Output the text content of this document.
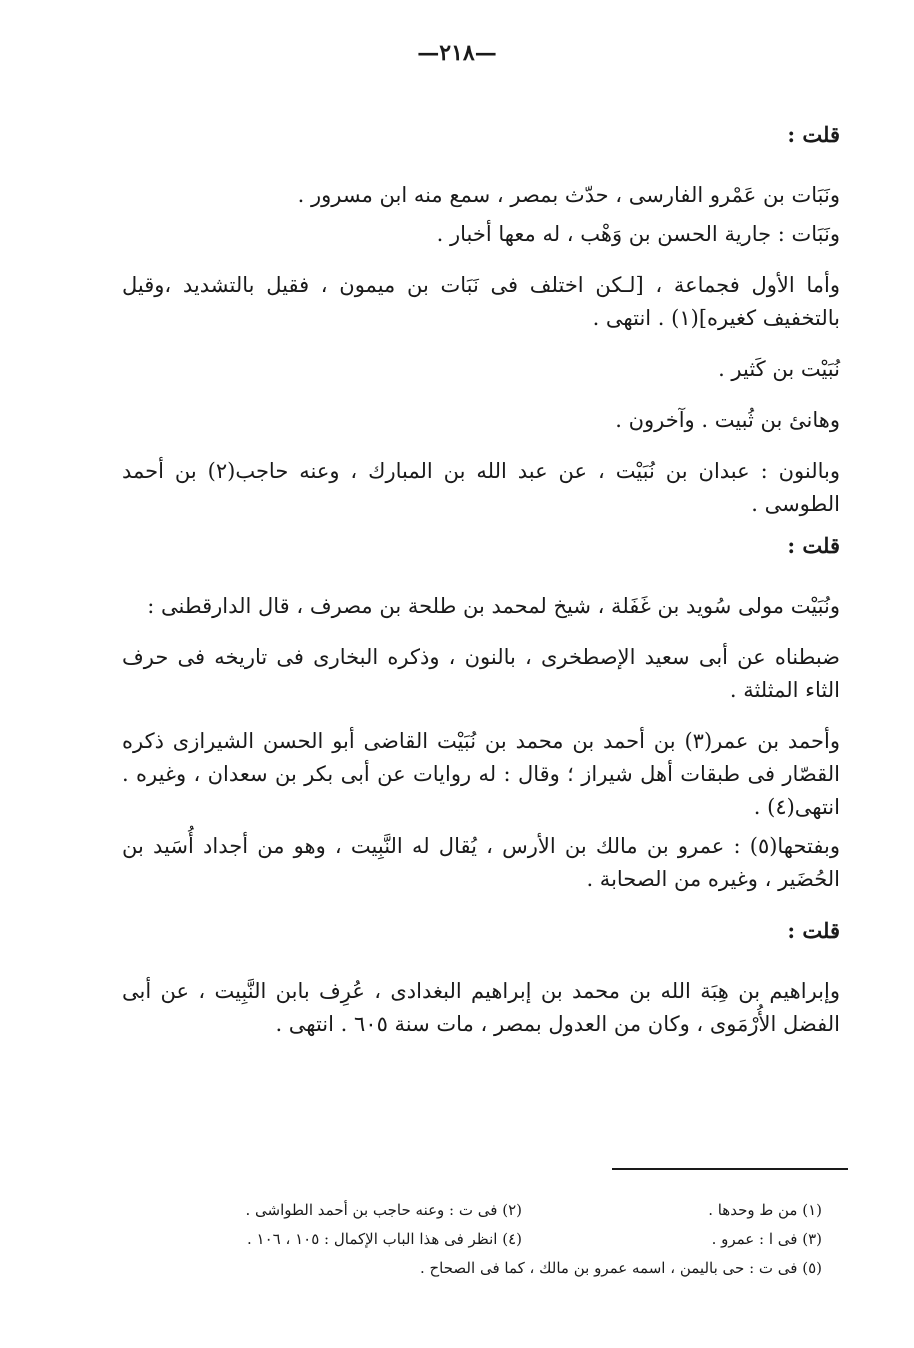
—٢١٨—
قلت :

ونَبَات بن عَمْرو الفارسى ، حدّث بمصر ، سمع منه ابن مسرور .

ونَبَات : جارية الحسن بن وَهْب ، له معها أخبار .

وأما الأول فجماعة ، [لـكن اختلف فى نَبَات بن ميمون ، فقيل بالتشديد ،وقيل بالتخفيف كغيره](١) . انتهى .

نُبَيْت بن كَثير .

وهانئ بن ثُبيت . وآخرون .

وبالنون : عبدان بن نُبَيْت ، عن عبد الله بن المبارك ، وعنه حاجب(٢) بن أحمد الطوسى .

قلت :

ونُبَيْت مولى سُويد بن غَفَلة ، شيخ لمحمد بن طلحة بن مصرف ، قال الدارقطنى :

ضبطناه عن أبى سعيد الإصطخرى ، بالنون ، وذكره البخارى فى تاريخه فى حرف الثاء المثلثة .

وأحمد بن عمر(٣) بن أحمد بن محمد بن نُبَيْت القاضى أبو الحسن الشيرازى ذكره القصّار فى طبقات أهل شيراز ؛ وقال : له روايات عن أبى بكر بن سعدان ، وغيره . انتهى(٤) .

وبفتحها(٥) : عمرو بن مالك بن الأرس ، يُقال له النَّبِيت ، وهو من أجداد أُسَيد بن الحُضَير ، وغيره من الصحابة .

قلت :

وإبراهيم بن هِبَة الله بن محمد بن إبراهيم البغدادى ، عُرِف بابن النَّبِيت ، عن أبى الفضل الأُرْمَوى ، وكان من العدول بمصر ، مات سنة ٦٠٥ . انتهى .

(١) من ط وحدها .
(٢) فى ت : وعنه حاجب بن أحمد الطواشى .
(٣) فى ا : عمرو .
(٤) انظر فى هذا الباب الإكمال : ١٠٥ ، ١٠٦ .
(٥) فى ت : حى باليمن ، اسمه عمرو بن مالك ، كما فى الصحاح .
